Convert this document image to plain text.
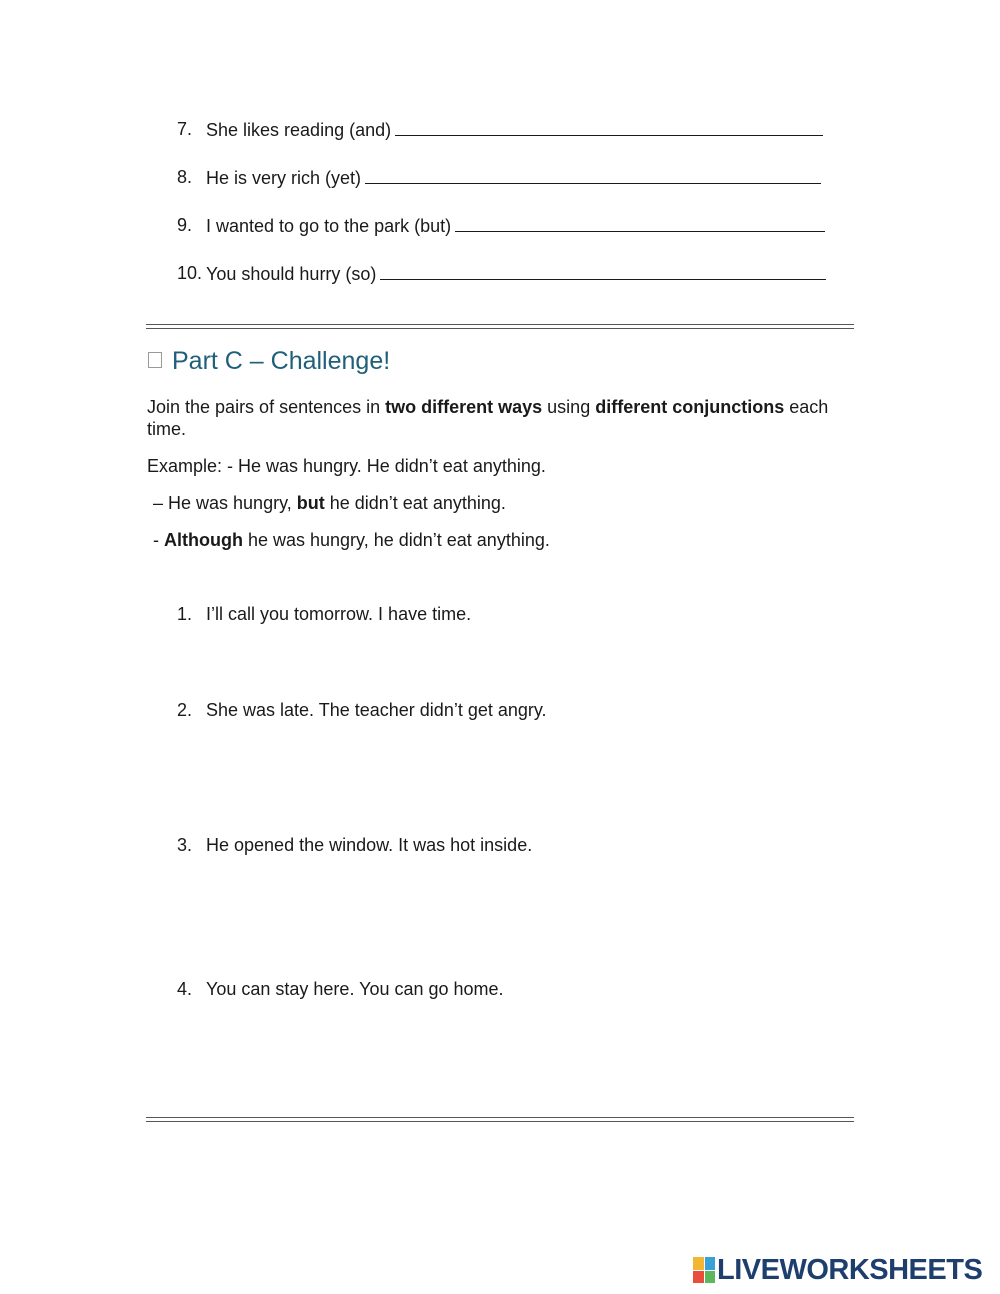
7. She likes reading (and)
8. He is very rich (yet)
9. I wanted to go to the park (but)
10. You should hurry (so)
Part C – Challenge!
Join the pairs of sentences in two different ways using different conjunctions each time.
Example: - He was hungry. He didn’t eat anything.
– He was hungry, but he didn’t eat anything.
- Although he was hungry, he didn’t eat anything.
1. I’ll call you tomorrow. I have time.
2. She was late. The teacher didn’t get angry.
3. He opened the window. It was hot inside.
4. You can stay here. You can go home.
LIVEWORKSHEETS
